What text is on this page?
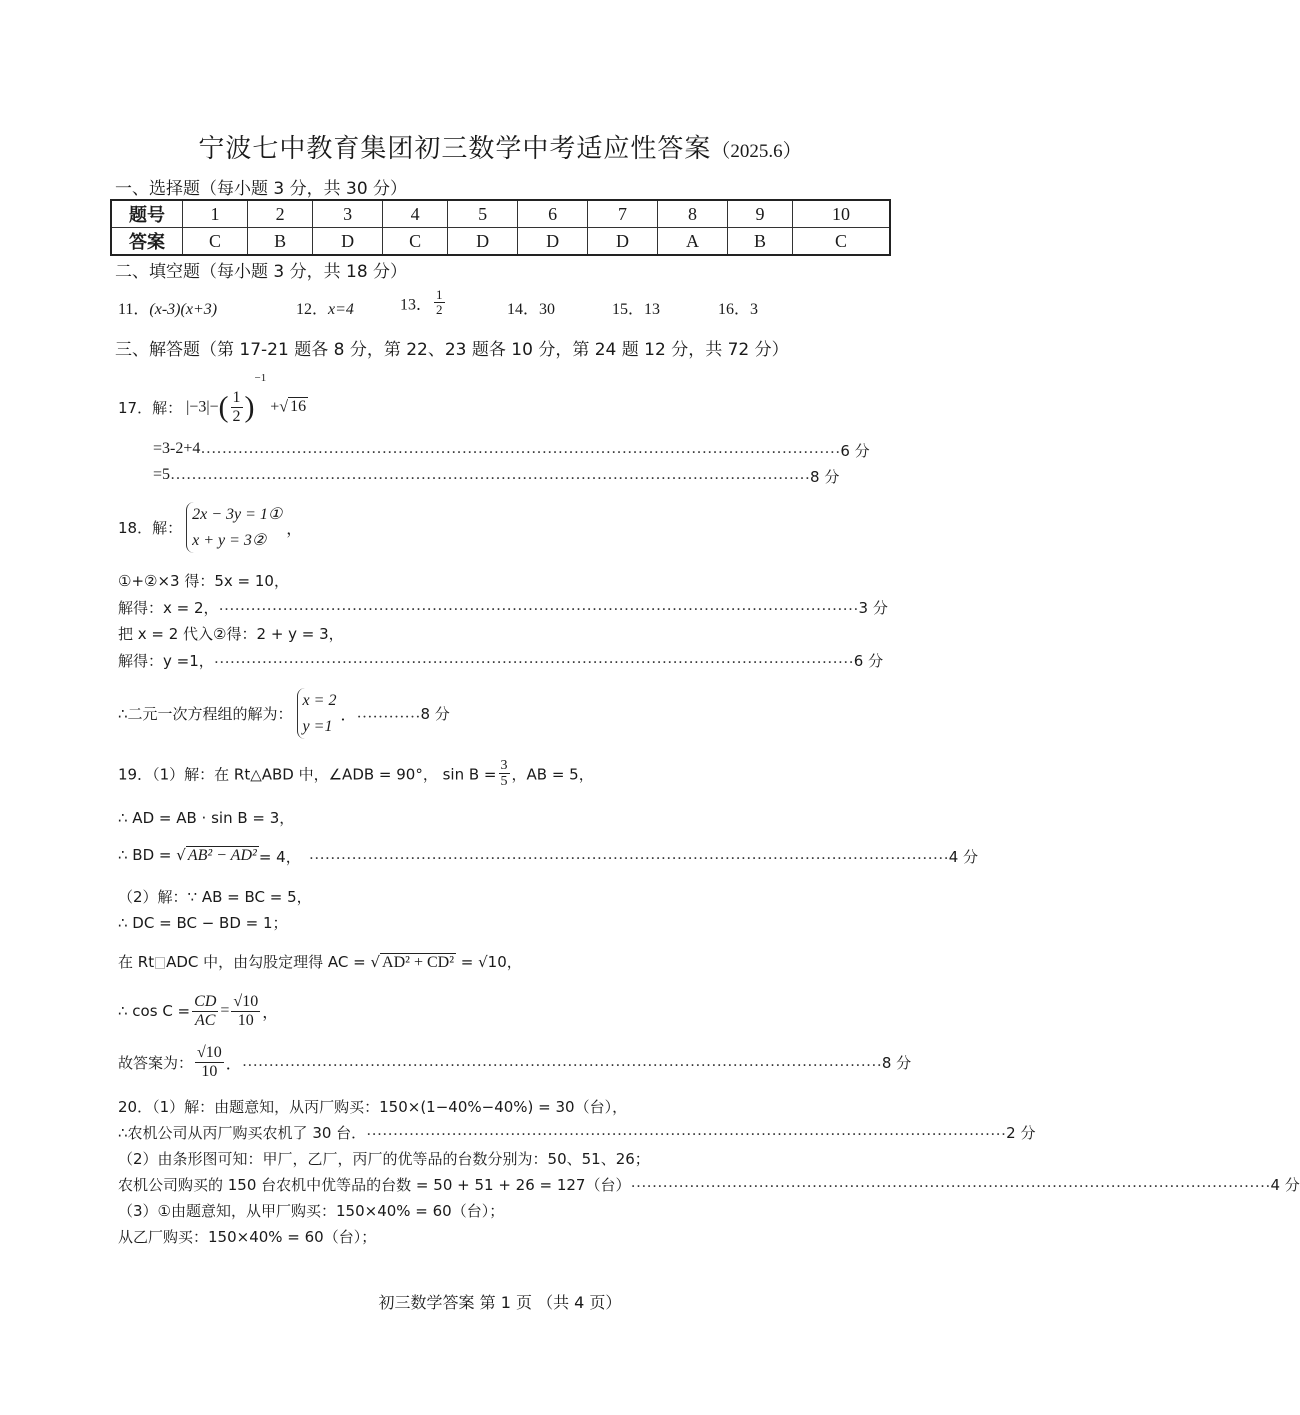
宁波七中教育集团初三数学中考适应性答案（2025.6）
一、选择题（每小题 3 分，共 30 分）
题号	1	2	3	4	5	6	7	8	9	10
答案	C	B	D	C	D	D	D	A	B	C
二、填空题（每小题 3 分，共 18 分）
11．(x-3)(x+3)	12．x=4	13． $\frac{1}{2}$	14．30	15．13	16．3
三、解答题（第 17-21 题各 8 分，第 22、23 题各 10 分，第 24 题 12 分，共 72 分）
17．解： $|-3|-( \frac{1}{2} )^{-1}$ +√ 16
=3-2+4 ………………………………………………………………………………………………………… 6 分
=5 ………………………………………………………………………………………………………… 8 分
18．解：
2x − 3y = 1①
x + y = 3②
，
①+②×3 得：5x = 10，
解得：x = 2， ………………………………………………………………………………………………………… 3 分
把 x = 2 代入②得：2 + y = 3，
解得：y =1， ………………………………………………………………………………………………………… 6 分
∴二元一次方程组的解为：
x = 2
y =1
．…………8 分
19．（1）解：在 Rt△ABD 中，∠ADB = 90°， $\sin B = \frac{3}{5}$ ，AB = 5，
∴ AD = AB · sin B = 3，
∴ BD = √ AB² − AD² = 4， ………………………………………………………………………………………………………… 4 分
（2）解：∵ AB = BC = 5，
∴ DC = BC − BD = 1；
在 Rt ADC 中，由勾股定理得 AC = √ AD² + CD² = √10，
∴ $\cos C = \frac{CD}{AC} = \frac{√10}{10}$ ，
故答案为： $\frac{√10}{10}$ ． ………………………………………………………………………………………………………… 8 分
20．（1）解：由题意知，从丙厂购买：150×(1−40%−40%) = 30（台），
∴农机公司从丙厂购买农机了 30 台． ………………………………………………………………………………………………………… 2 分
（2）由条形图可知：甲厂，乙厂，丙厂的优等品的台数分别为：50、51、26；
农机公司购买的 150 台农机中优等品的台数 = 50 + 51 + 26 = 127（台） ………………………………………………………………………………………………………… 4 分
（3）①由题意知，从甲厂购买：150×40% = 60（台）；
从乙厂购买：150×40% = 60（台）；
初三数学答案 第 1 页 （共 4 页）
